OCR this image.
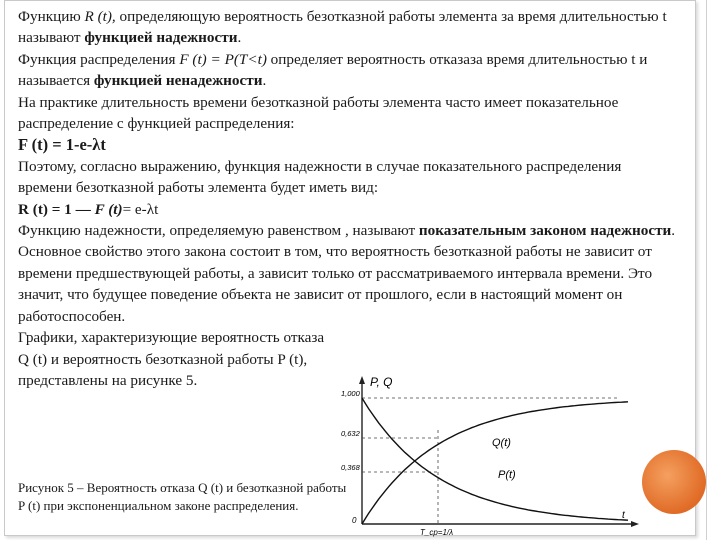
Функцию R (t), определяющую вероятность безотказной работы элемента за время длительностью t называют функцией надежности.

Функция распределения F (t) = P(T<t) определяет вероятность отказаза время длительностью t и называется функцией ненадежности.

На практике длительность времени безотказной работы элемента часто имеет показательное распределение с функцией распределения:

F (t) = 1-e-λt

Поэтому, согласно выражению, функция надежности в случае показательного распределения времени безотказной работы элемента будет иметь вид:

R (t) = 1 — F (t)= e-λt

Функцию надежности, определяемую равенством , называют показательным законом надежности. Основное свойство этого закона состоит в том, что вероятность безотказной работы не зависит от времени предшествующей работы, а зависит только от рассматриваемого интервала времени. Это значит, что будущее поведение объекта не зависит от прошлого, если в настоящий момент он работоспособен.

Графики, характеризующие вероятность отказа Q (t) и вероятность безотказной работы P (t), представлены на рисунке 5.

Рисунок 5 – Вероятность отказа Q (t) и безотказной работы P (t) при экспоненциальном законе распределения.
P, Q
1,000
0,632
0,368
0	t
T_ср=1/λ
Q(t)
P(t)
